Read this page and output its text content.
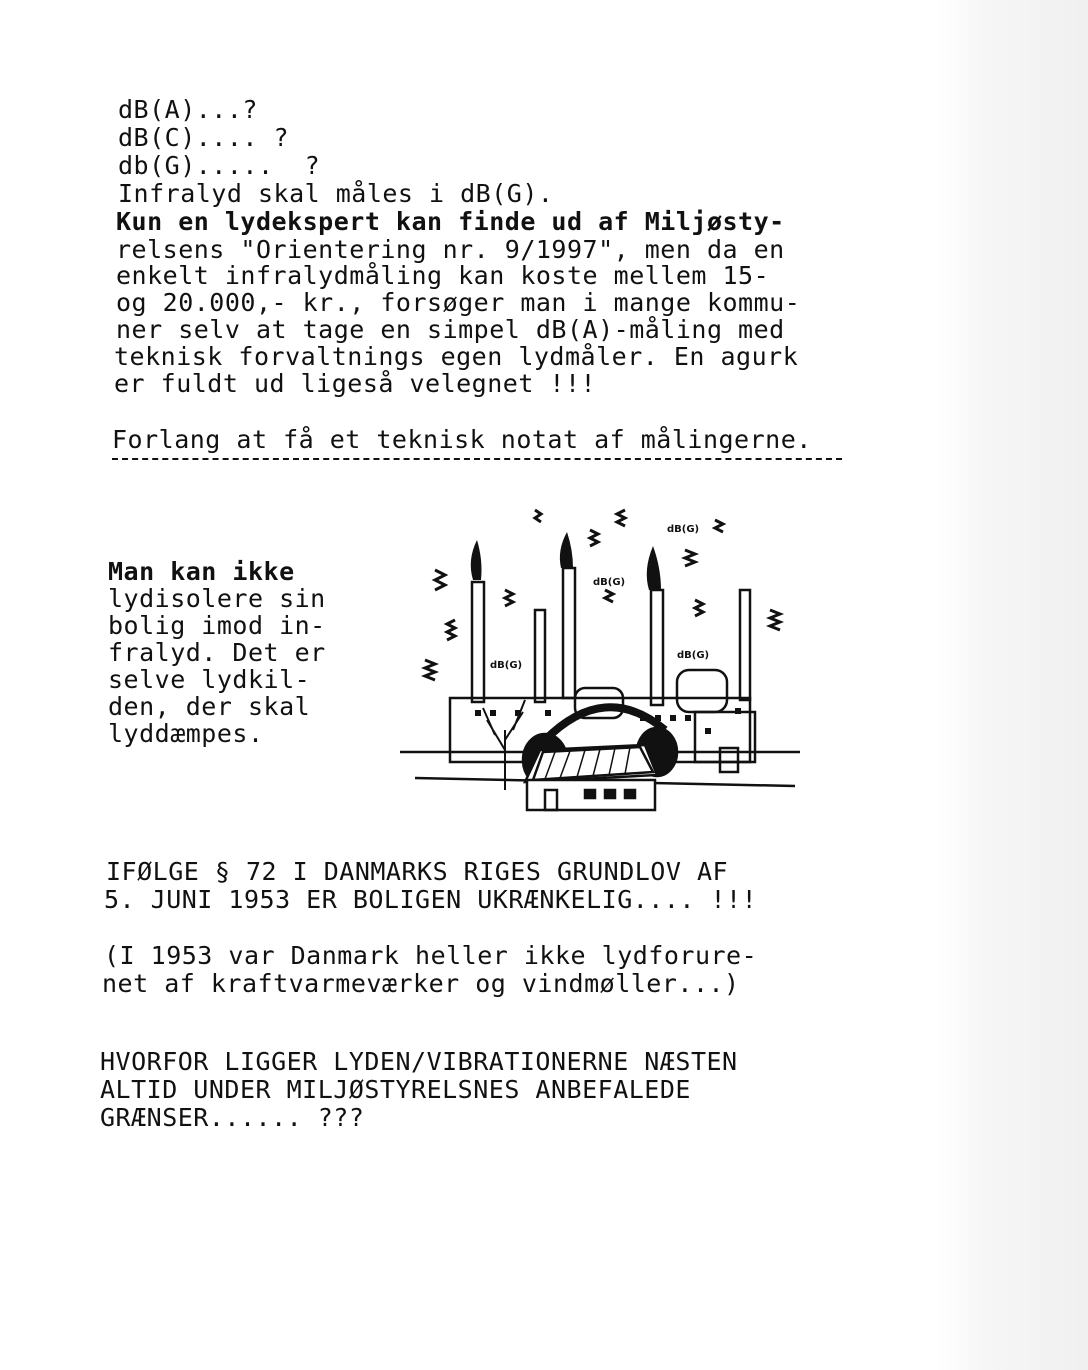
dB(A)...?
dB(C).... ?
db(G).....  ?
Infralyd skal måles i dB(G).
Kun en lydekspert kan finde ud af Miljøsty-
relsens "Orientering nr. 9/1997", men da en
enkelt infralydmåling kan koste mellem 15-
og 20.000,- kr., forsøger man i mange kommu-
ner selv at tage en simpel dB(A)-måling med
teknisk forvaltnings egen lydmåler. En agurk
er fuldt ud ligeså velegnet !!!
Forlang at få et teknisk notat af målingerne.
Man kan ikke
lydisolere sin
bolig imod in-
fralyd. Det er
selve lydkil-
den, der skal
lyddæmpes.
dB(G)
dB(G)
dB(G)
dB(G)
IFØLGE § 72 I DANMARKS RIGES GRUNDLOV AF
5. JUNI 1953 ER BOLIGEN UKRÆNKELIG.... !!!
(I 1953 var Danmark heller ikke lydforure-
net af kraftvarmeværker og vindmøller...)
HVORFOR LIGGER LYDEN/VIBRATIONERNE NÆSTEN
ALTID UNDER MILJØSTYRELSNES ANBEFALEDE
GRÆNSER...... ???
